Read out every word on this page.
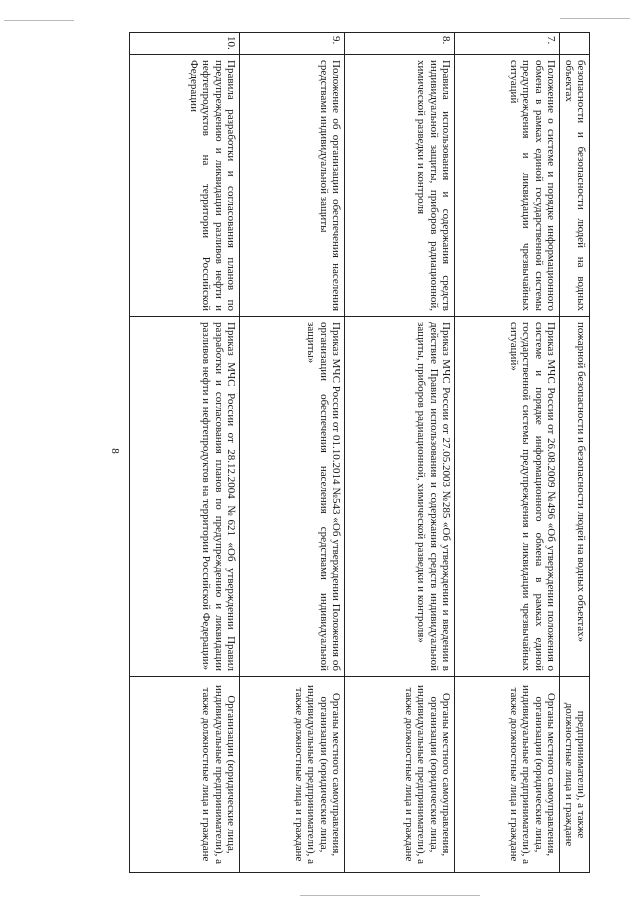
8
	безопасности и безопасности людей на водных объектах	пожарной безопасности и безопасности людей на водных объектах»	предприниматели), а также должностные лица и граждане
7.	Положение о системе и порядке информационного обмена в рамках единой государственной системы предупреждения и ликвидации чрезвычайных ситуаций	Приказ МЧС России от 26.08.2009 №496 «Об утверждении положения о системе и порядке информационного обмена в рамках единой государственной системы предупреждения и ликвидации чрезвычайных ситуаций»	Органы местного самоуправления, организации (юридические лица, индивидуальные предприниматели), а также должностные лица и граждане
8.	Правила использования и содержания средств индивидуальной защиты, приборов радиационной, химической разведки и контроля	Приказ МЧС России от 27.05.2003 №285 «Об утверждении и введении в действие Правил использования и содержания средств индивидуальной защиты, приборов радиационной, химической разведки и контроля»	Органы местного самоуправления, организации (юридические лица, индивидуальные предприниматели), а также должностные лица и граждане
9.	Положение об организации обеспечения населения средствами индивидуальной защиты	Приказ МЧС России от 01.10.2014 №543 «Об утверждении Положения об организации обеспечения населения средствами индивидуальной защиты»	Органы местного самоуправления, организации (юридические лица, индивидуальные предприниматели), а также должностные лица и граждане
10.	Правила разработки и согласования планов по предупреждению и ликвидации разливов нефти и нефтепродуктов на территории Российской Федерации	Приказ МЧС России от 28.12.2004 №621 «Об утверждении Правил разработки и согласования планов по предупреждению и ликвидации разливов нефти и нефтепродуктов на территории Российской Федерации»	Организации (юридические лица, индивидуальные предприниматели), а также должностные лица и граждане
